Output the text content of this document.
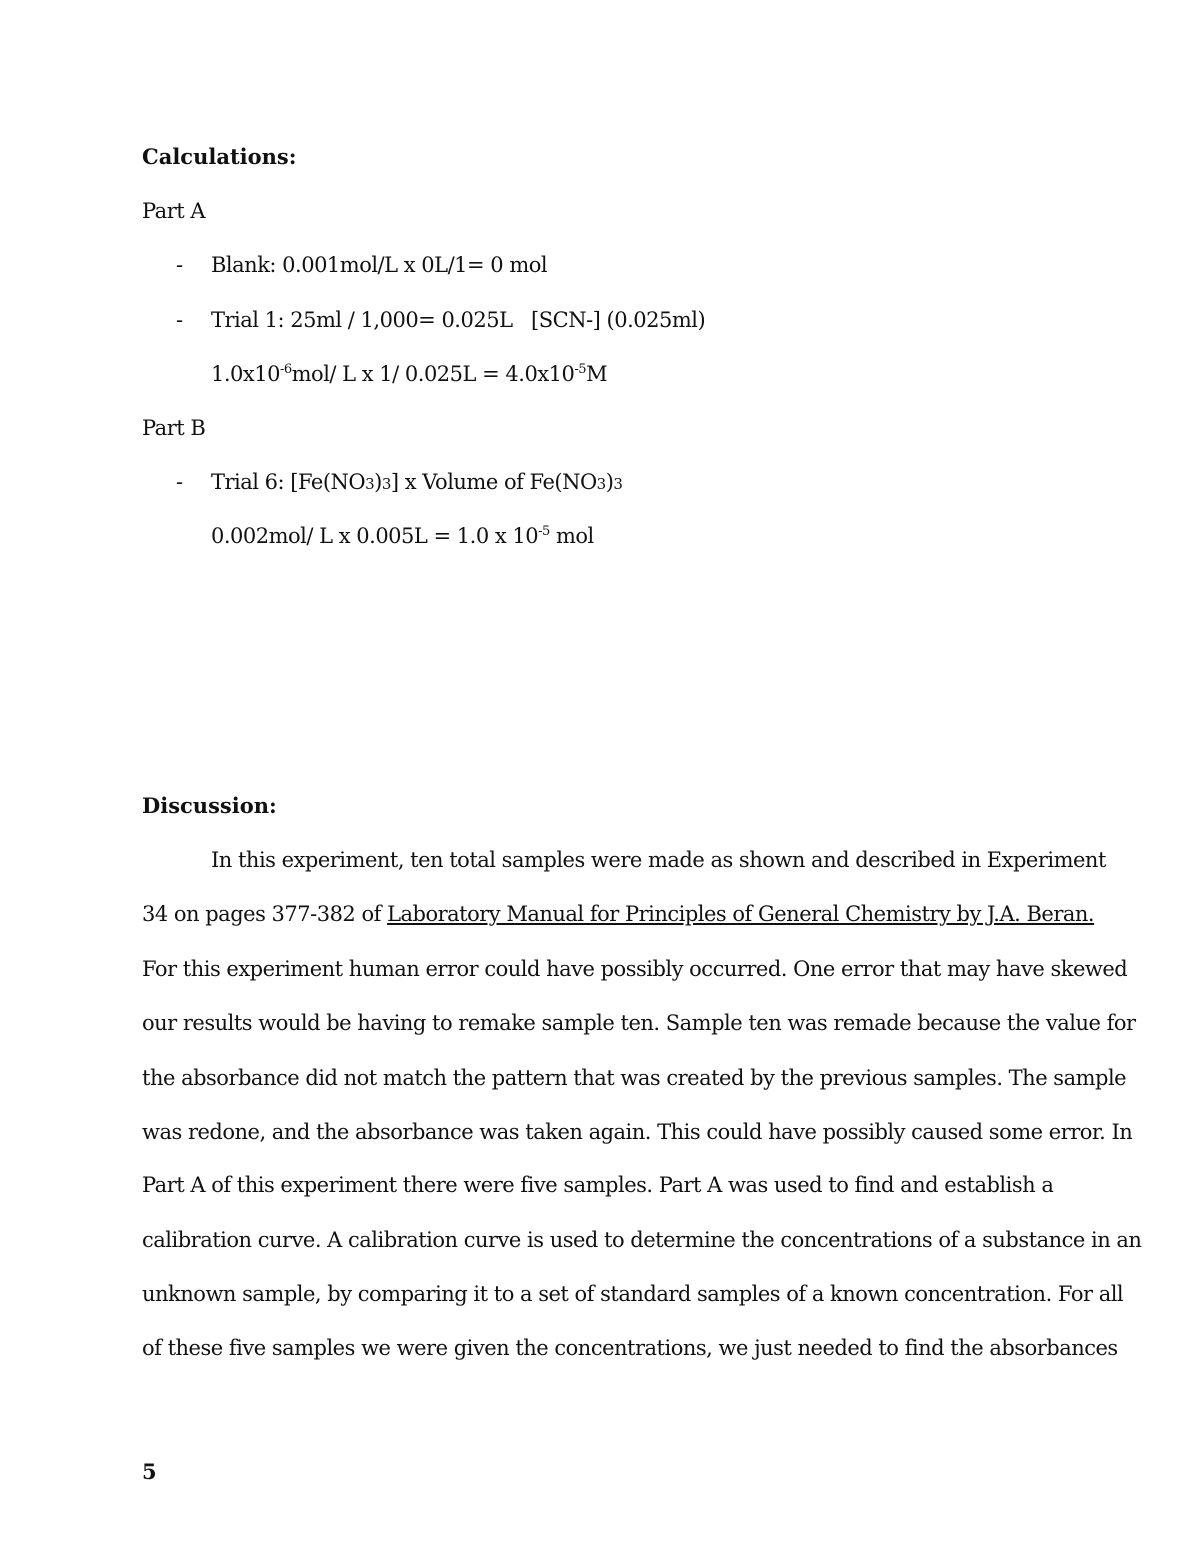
Calculations:
Part A
- Blank: 0.001mol/L x 0L/1= 0 mol
- Trial 1: 25ml / 1,000= 0.025L   [SCN-] (0.025ml)
$1.0x10^{-6}mol/$ L x 1/ $0.025L = 4.0x10^{-5}M$
Part B
- Trial 6: [Fe(NO3)3] x Volume of Fe(NO3)3
0.002mol/ L x 0.005L = 1.0 x $10^{-5}$ mol
Discussion:
In this experiment, ten total samples were made as shown and described in Experiment
34 on pages 377-382 of Laboratory Manual for Principles of General Chemistry by J.A. Beran.
For this experiment human error could have possibly occurred. One error that may have skewed
our results would be having to remake sample ten. Sample ten was remade because the value for
the absorbance did not match the pattern that was created by the previous samples. The sample
was redone, and the absorbance was taken again. This could have possibly caused some error. In
Part A of this experiment there were five samples. Part A was used to find and establish a
calibration curve. A calibration curve is used to determine the concentrations of a substance in an
unknown sample, by comparing it to a set of standard samples of a known concentration. For all
of these five samples we were given the concentrations, we just needed to find the absorbances
5
